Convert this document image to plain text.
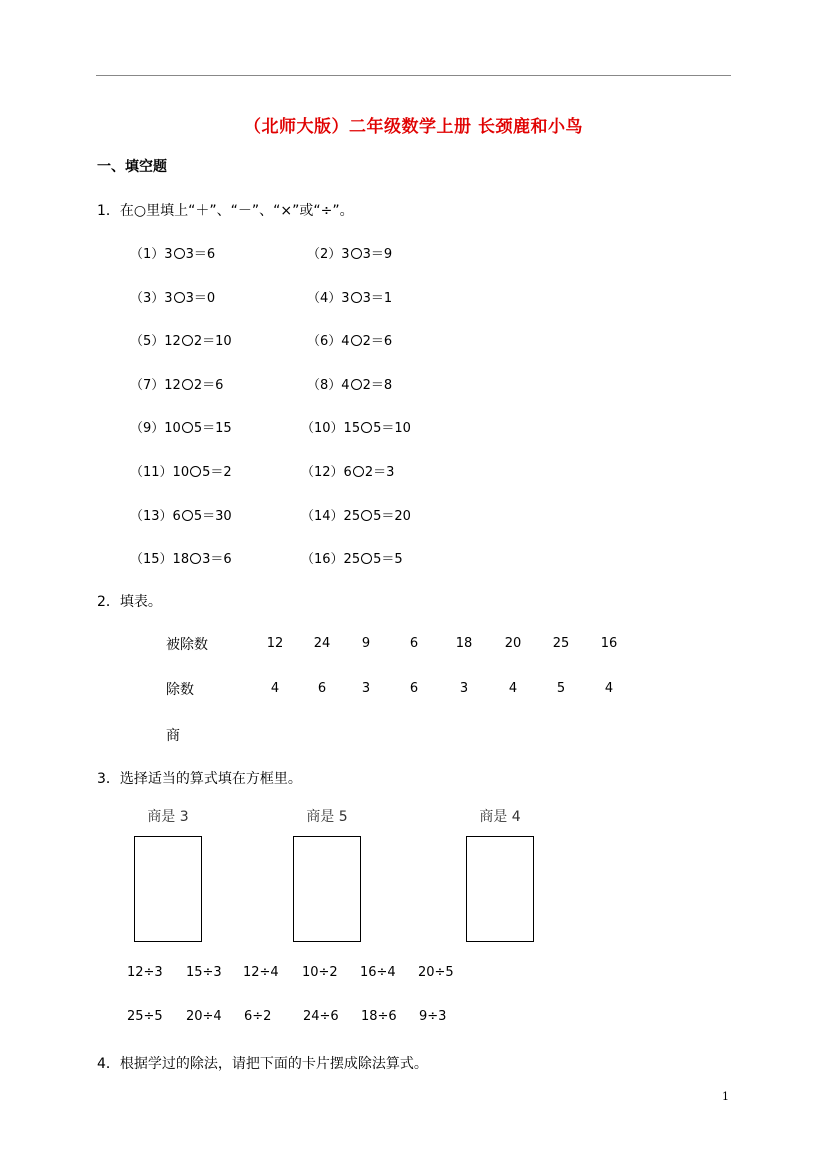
（北师大版）二年级数学上册 长颈鹿和小鸟
一、填空题
1．在○里填上“＋”、“－”、“×”或“÷”。
（1）3 3＝6	（2）3 3＝9
（3）3 3＝0	（4）3 3＝1
（5）12 2＝10	（6）4 2＝6
（7）12 2＝6	（8）4 2＝8
（9）10 5＝15	（10）15 5＝10
（11）10 5＝2	（12）6 2＝3
（13）6 5＝30	（14）25 5＝20
（15）18 3＝6	（16）25 5＝5
2．填表。
被除数	12	24	9	6	18	20	25	16
除数	4	6	3	6	3	4	5	4
商
3．选择适当的算式填在方框里。
商是 3	商是 5	商是 4
12÷3 15÷3 12÷4 10÷2 16÷4 20÷5
25÷5 20÷4 6÷2 24÷6 18÷6 9÷3
4．根据学过的除法，请把下面的卡片摆成除法算式。
1
